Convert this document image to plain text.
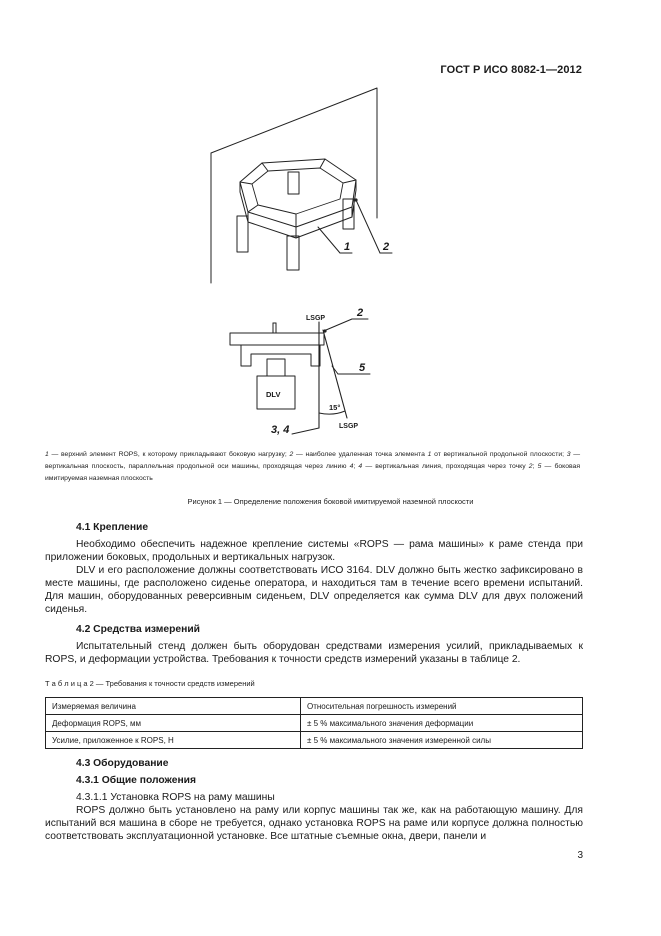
ГОСТ Р ИСО 8082-1—2012
1	2
LSGP	2
5
DLV
15°
LSGP
3, 4
1 — верхний элемент ROPS, к которому прикладывают боковую нагрузку; 2 — наиболее удаленная точка элемента 1 от вертикальной продольной плоскости; 3 — вертикальная плоскость, параллельная продольной оси машины, проходящая через линию 4; 4 — вертикальная линия, проходящая через точку 2; 5 — боковая имитируемая наземная плоскость
Рисунок 1 — Определение положения боковой имитируемой наземной плоскости

4.1 Крепление

Необходимо обеспечить надежное крепление системы «ROPS — рама машины» к раме стенда при приложении боковых, продольных и вертикальных нагрузок.

DLV и его расположение должны соответствовать ИСО 3164. DLV должно быть жестко зафиксировано в месте машины, где расположено сиденье оператора, и находиться там в течение всего времени испытаний. Для машин, оборудованных реверсивным сиденьем, DLV определяется как сумма DLV для двух положений сиденья.

4.2 Средства измерений

Испытательный стенд должен быть оборудован средствами измерения усилий, прикладываемых к ROPS, и деформации устройства. Требования к точности средств измерений указаны в таблице 2.

Т а б л и ц а 2 — Требования к точности средств измерений
Измеряемая величина	Относительная погрешность измерений
Деформация ROPS, мм	± 5 % максимального значения деформации
Усилие, приложенное к ROPS, Н	± 5 % максимального значения измеренной силы

4.3 Оборудование

4.3.1 Общие положения

4.3.1.1 Установка ROPS на раму машины

ROPS должно быть установлено на раму или корпус машины так же, как на работающую машину. Для испытаний вся машина в сборе не требуется, однако установка ROPS на раме или корпусе должна полностью соответствовать эксплуатационной установке. Все штатные съемные окна, двери, панели и

3
